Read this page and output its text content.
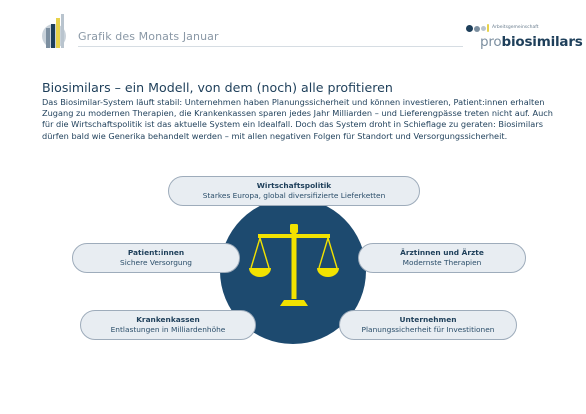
Grafik des Monats Januar
Arbeitsgemeinschaft
probiosimilars
Biosimilars – ein Modell, von dem (noch) alle profitieren
Das Biosimilar-System läuft stabil: Unternehmen haben Planungssicherheit und können investieren, Patient:innen erhalten Zugang zu modernen Therapien, die Krankenkassen sparen jedes Jahr Milliarden – und Lieferengpässe treten nicht auf. Auch für die Wirtschaftspolitik ist das aktuelle System ein Idealfall. Doch das System droht in Schieflage zu geraten: Biosimilars dürfen bald wie Generika behandelt werden – mit allen negativen Folgen für Standort und Versorgungssicherheit.
Wirtschaftspolitik
Starkes Europa, global diversifizierte Lieferketten
Patient:innen
Sichere Versorgung
Ärztinnen und Ärzte
Modernste Therapien
Krankenkassen
Entlastungen in Milliardenhöhe
Unternehmen
Planungssicherheit für Investitionen
